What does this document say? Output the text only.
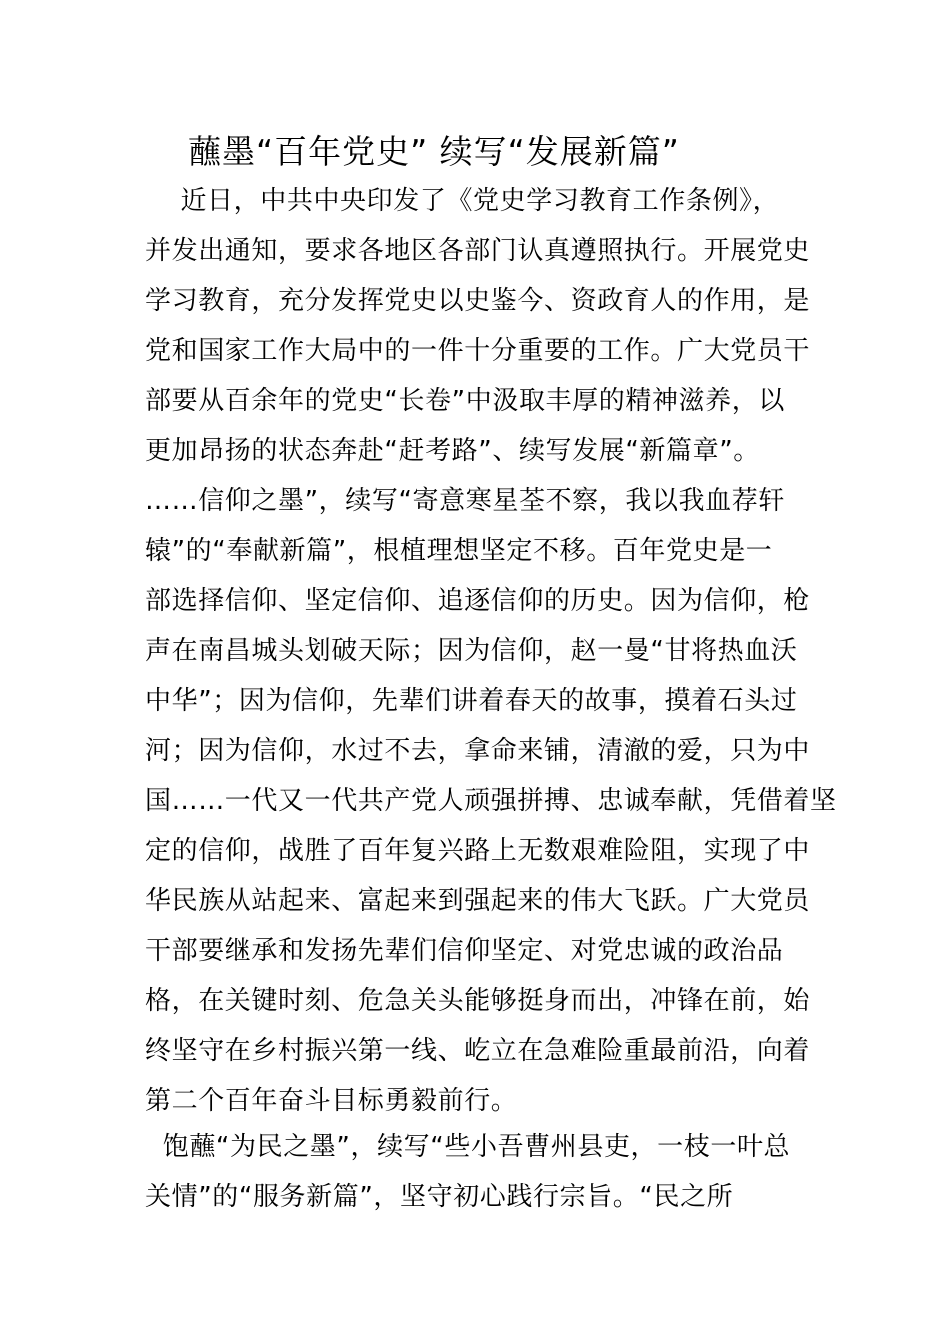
蘸墨“百年党史” 续写“发展新篇”
近日，中共中央印发了《党史学习教育工作条例》，
并发出通知，要求各地区各部门认真遵照执行。开展党史
学习教育，充分发挥党史以史鉴今、资政育人的作用，是
党和国家工作大局中的一件十分重要的工作。广大党员干
部要从百余年的党史“长卷”中汲取丰厚的精神滋养，以
更加昂扬的状态奔赴“赶考路”、续写发展“新篇章”。
……信仰之墨”，续写“寄意寒星荃不察，我以我血荐轩
辕”的“奉献新篇”，根植理想坚定不移。百年党史是一
部选择信仰、坚定信仰、追逐信仰的历史。因为信仰，枪
声在南昌城头划破天际；因为信仰，赵一曼“甘将热血沃
中华”；因为信仰，先辈们讲着春天的故事，摸着石头过
河；因为信仰，水过不去，拿命来铺，清澈的爱，只为中
国……一代又一代共产党人顽强拼搏、忠诚奉献，凭借着坚
定的信仰，战胜了百年复兴路上无数艰难险阻，实现了中
华民族从站起来、富起来到强起来的伟大飞跃。广大党员
干部要继承和发扬先辈们信仰坚定、对党忠诚的政治品
格，在关键时刻、危急关头能够挺身而出，冲锋在前，始
终坚守在乡村振兴第一线、屹立在急难险重最前沿，向着
第二个百年奋斗目标勇毅前行。
饱蘸“为民之墨”，续写“些小吾曹州县吏，一枝一叶总
关情”的“服务新篇”，坚守初心践行宗旨。“民之所
